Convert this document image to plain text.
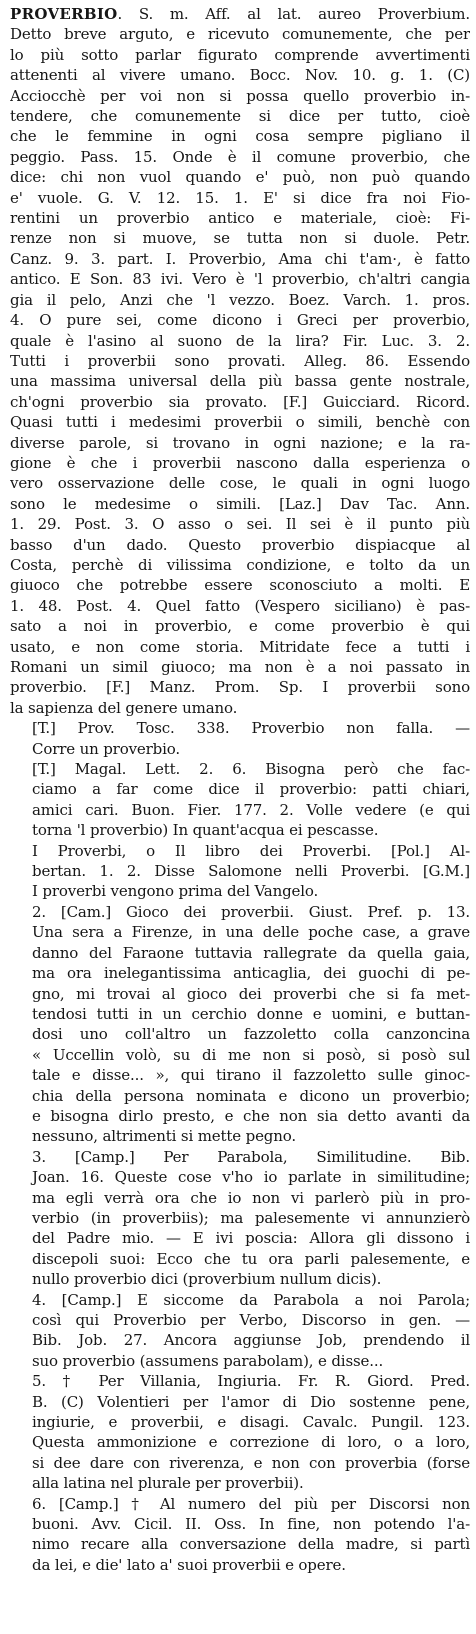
PROVERBIO. S. m. Aff. al lat. aureo Proverbium.
Detto breve arguto, e ricevuto comunemente, che per
lo più sotto parlar figurato comprende avvertimenti
attenenti al vivere umano. Bocc. Nov. 10. g. 1. (C)
Acciocchè per voi non si possa quello proverbio in-
tendere, che comunemente si dice per tutto, cioè
che le femmine in ogni cosa sempre pigliano il
peggio. Pass. 15. Onde è il comune proverbio, che
dice: chi non vuol quando e' può, non può quando
e' vuole. G. V. 12. 15. 1. E' si dice fra noi Fio-
rentini un proverbio antico e materiale, cioè: Fi-
renze non si muove, se tutta non si duole. Petr.
Canz. 9. 3. part. I. Proverbio, Ama chi t'am·, è fatto
antico. E Son. 83 ivi. Vero è 'l proverbio, ch'altri cangia
gia il pelo, Anzi che 'l vezzo. Boez. Varch. 1. pros.
4. O pure sei, come dicono i Greci per proverbio,
quale è l'asino al suono de la lira? Fir. Luc. 3. 2.
Tutti i proverbii sono provati. Alleg. 86. Essendo
una massima universal della più bassa gente nostrale,
ch'ogni proverbio sia provato. [F.] Guicciard. Ricord.
Quasi tutti i medesimi proverbii o simili, benchè con
diverse parole, si trovano in ogni nazione; e la ra-
gione è che i proverbii nascono dalla esperienza o
vero osservazione delle cose, le quali in ogni luogo
sono le medesime o simili. [Laz.] Dav Tac. Ann.
1. 29. Post. 3. O asso o sei. Il sei è il punto più
basso d'un dado. Questo proverbio dispiacque al
Costa, perchè di vilissima condizione, e tolto da un
giuoco che potrebbe essere sconosciuto a molti. E
1. 48. Post. 4. Quel fatto (Vespero siciliano) è pas-
sato a noi in proverbio, e come proverbio è qui
usato, e non come storia. Mitridate fece a tutti i
Romani un simil giuoco; ma non è a noi passato in
proverbio. [F.] Manz. Prom. Sp. I proverbii sono
la sapienza del genere umano.
[T.] Prov. Tosc. 338. Proverbio non falla. —
Corre un proverbio.
[T.] Magal. Lett. 2. 6. Bisogna però che fac-
ciamo a far come dice il proverbio: patti chiari,
amici cari. Buon. Fier. 177. 2. Volle vedere (e qui
torna 'l proverbio) In quant'acqua ei pescasse.
I Proverbi, o Il libro dei Proverbi. [Pol.] Al-
bertan. 1. 2. Disse Salomone nelli Proverbi. [G.M.]
I proverbi vengono prima del Vangelo.
2. [Cam.] Gioco dei proverbii. Giust. Pref. p. 13.
Una sera a Firenze, in una delle poche case, a grave
danno del Faraone tuttavia rallegrate da quella gaia,
ma ora inelegantissima anticaglia, dei guochi di pe-
gno, mi trovai al gioco dei proverbi che si fa met-
tendosi tutti in un cerchio donne e uomini, e buttan-
dosi uno coll'altro un fazzoletto colla canzoncina
« Uccellin volò, su di me non si posò, si posò sul
tale e disse... », qui tirano il fazzoletto sulle ginoc-
chia della persona nominata e dicono un proverbio;
e bisogna dirlo presto, e che non sia detto avanti da
nessuno, altrimenti si mette pegno.
3. [Camp.] Per Parabola, Similitudine. Bib.
Joan. 16. Queste cose v'ho io parlate in similitudine;
ma egli verrà ora che io non vi parlerò più in pro-
verbio (in proverbiis); ma palesemente vi annunzierò
del Padre mio. — E ivi poscia: Allora gli dissono i
discepoli suoi: Ecco che tu ora parli palesemente, e
nullo proverbio dici (proverbium nullum dicis).
4. [Camp.] E siccome da Parabola a noi Parola;
così qui Proverbio per Verbo, Discorso in gen. —
Bib. Job. 27. Ancora aggiunse Job, prendendo il
suo proverbio (assumens parabolam), e disse...
5. † Per Villania, Ingiuria. Fr. R. Giord. Pred.
B. (C) Volentieri per l'amor di Dio sostenne pene,
ingiurie, e proverbii, e disagi. Cavalc. Pungil. 123.
Questa ammonizione e correzione di loro, o a loro,
si dee dare con riverenza, e non con proverbia (forse
alla latina nel plurale per proverbii).
6. [Camp.] † Al numero del più per Discorsi non
buoni. Avv. Cicil. II. Oss. In fine, non potendo l'a-
nimo recare alla conversazione della madre, si partì
da lei, e die' lato a' suoi proverbii e opere.
